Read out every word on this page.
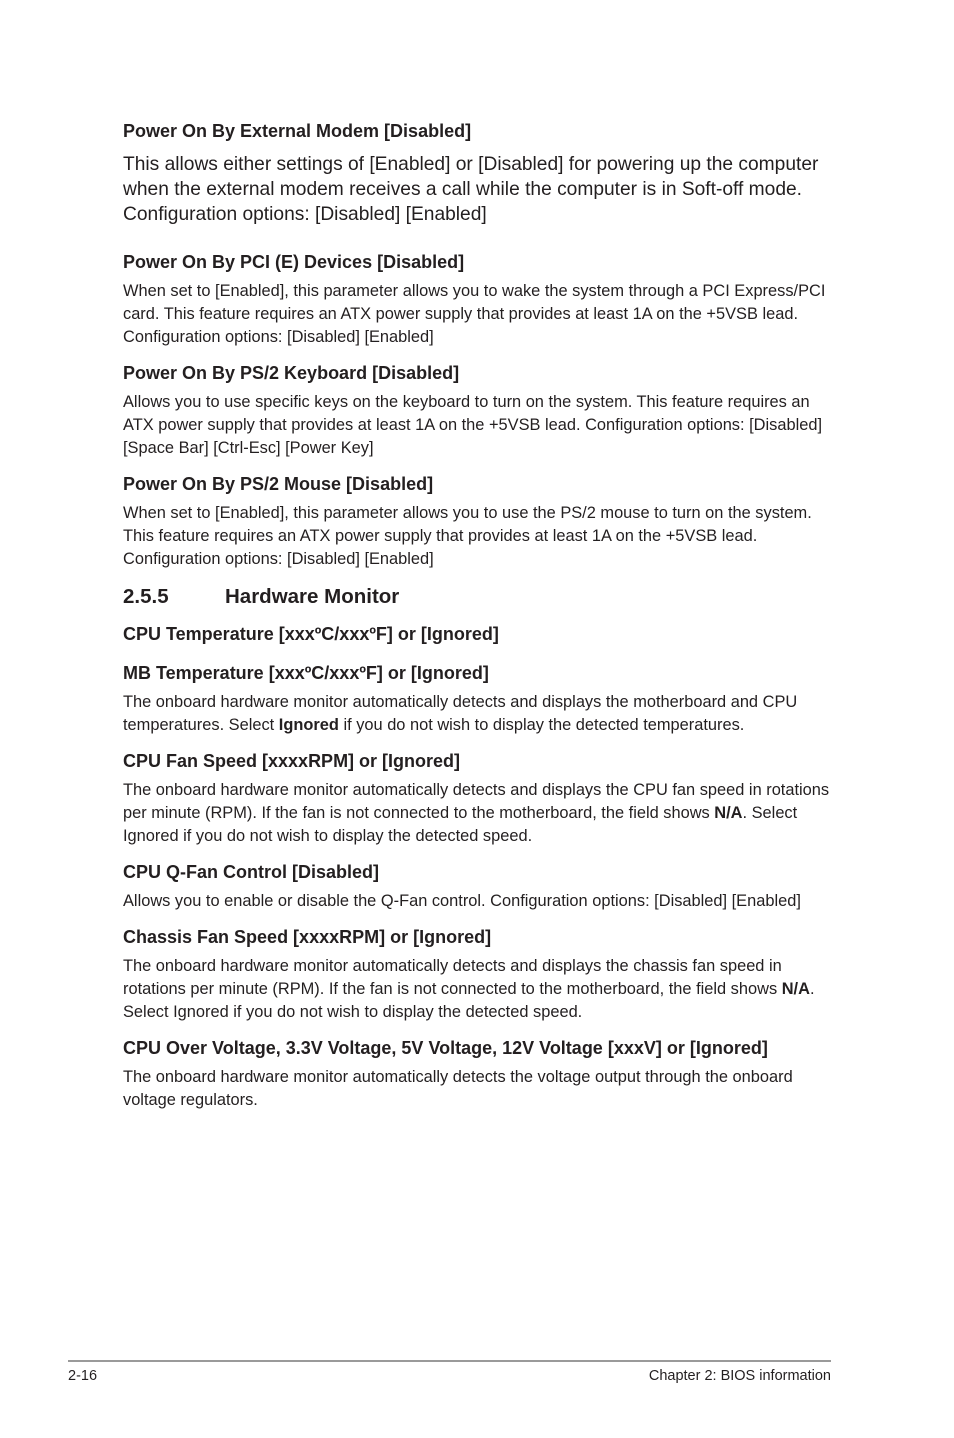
Power On By External Modem [Disabled]

This allows either settings of [Enabled] or [Disabled] for powering up the computer when the external modem receives a call while the computer is in Soft-off mode. Configuration options: [Disabled] [Enabled]

Power On By PCI (E) Devices [Disabled]

When set to [Enabled], this parameter allows you to wake the system through a PCI Express/PCI card. This feature requires an ATX power supply that provides at least 1A on the +5VSB lead. Configuration options: [Disabled] [Enabled]

Power On By PS/2 Keyboard [Disabled]

Allows you to use specific keys on the keyboard to turn on the system. This feature requires an ATX power supply that provides at least 1A on the +5VSB lead. Configuration options: [Disabled] [Space Bar] [Ctrl-Esc] [Power Key]

Power On By PS/2 Mouse [Disabled]

When set to [Enabled], this parameter allows you to use the PS/2 mouse to turn on the system. This feature requires an ATX power supply that provides at least 1A on the +5VSB lead. Configuration options: [Disabled] [Enabled]

2.5.5	Hardware Monitor

CPU Temperature [xxxºC/xxxºF] or [Ignored]

MB Temperature [xxxºC/xxxºF] or [Ignored]

The onboard hardware monitor automatically detects and displays the motherboard and CPU temperatures. Select Ignored if you do not wish to display the detected temperatures.

CPU Fan Speed [xxxxRPM] or [Ignored]

The onboard hardware monitor automatically detects and displays the CPU fan speed in rotations per minute (RPM). If the fan is not connected to the motherboard, the field shows N/A. Select Ignored if you do not wish to display the detected speed.

CPU Q-Fan Control [Disabled]

Allows you to enable or disable the Q-Fan control. Configuration options: [Disabled] [Enabled]

Chassis Fan Speed [xxxxRPM] or [Ignored]

The onboard hardware monitor automatically detects and displays the chassis fan speed in rotations per minute (RPM). If the fan is not connected to the motherboard, the field shows N/A. Select Ignored if you do not wish to display the detected speed.

CPU Over Voltage, 3.3V Voltage, 5V Voltage, 12V Voltage [xxxV] or [Ignored]

The onboard hardware monitor automatically detects the voltage output through the onboard voltage regulators.

2-16	Chapter 2: BIOS information
